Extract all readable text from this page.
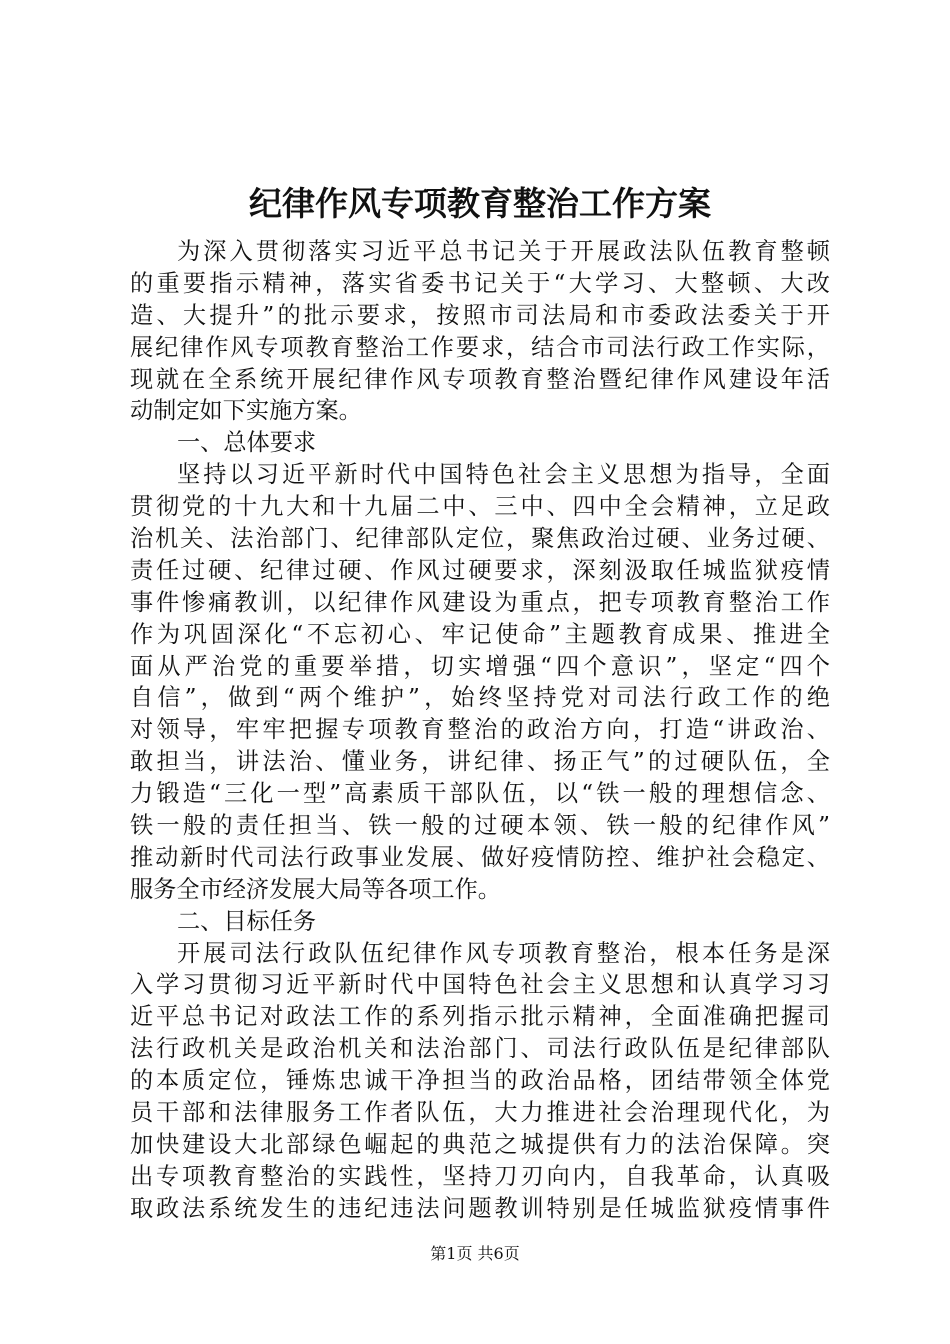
纪律作风专项教育整治工作方案
为深入贯彻落实习近平总书记关于开展政法队伍教育整顿
的重要指示精神，落实省委书记关于“大学习、大整顿、大改
造、大提升”的批示要求，按照市司法局和市委政法委关于开
展纪律作风专项教育整治工作要求，结合市司法行政工作实际，
现就在全系统开展纪律作风专项教育整治暨纪律作风建设年活
动制定如下实施方案。
一、总体要求
坚持以习近平新时代中国特色社会主义思想为指导，全面
贯彻党的十九大和十九届二中、三中、四中全会精神，立足政
治机关、法治部门、纪律部队定位，聚焦政治过硬、业务过硬、
责任过硬、纪律过硬、作风过硬要求，深刻汲取任城监狱疫情
事件惨痛教训，以纪律作风建设为重点，把专项教育整治工作
作为巩固深化“不忘初心、牢记使命”主题教育成果、推进全
面从严治党的重要举措，切实增强“四个意识”，坚定“四个
自信”，做到“两个维护”，始终坚持党对司法行政工作的绝
对领导，牢牢把握专项教育整治的政治方向，打造“讲政治、
敢担当，讲法治、懂业务，讲纪律、扬正气”的过硬队伍，全
力锻造“三化一型”高素质干部队伍，以“铁一般的理想信念、
铁一般的责任担当、铁一般的过硬本领、铁一般的纪律作风”
推动新时代司法行政事业发展、做好疫情防控、维护社会稳定、
服务全市经济发展大局等各项工作。
二、目标任务
开展司法行政队伍纪律作风专项教育整治，根本任务是深
入学习贯彻习近平新时代中国特色社会主义思想和认真学习习
近平总书记对政法工作的系列指示批示精神，全面准确把握司
法行政机关是政治机关和法治部门、司法行政队伍是纪律部队
的本质定位，锤炼忠诚干净担当的政治品格，团结带领全体党
员干部和法律服务工作者队伍，大力推进社会治理现代化，为
加快建设大北部绿色崛起的典范之城提供有力的法治保障。突
出专项教育整治的实践性，坚持刀刃向内，自我革命，认真吸
取政法系统发生的违纪违法问题教训特别是任城监狱疫情事件
第1页 共6页
